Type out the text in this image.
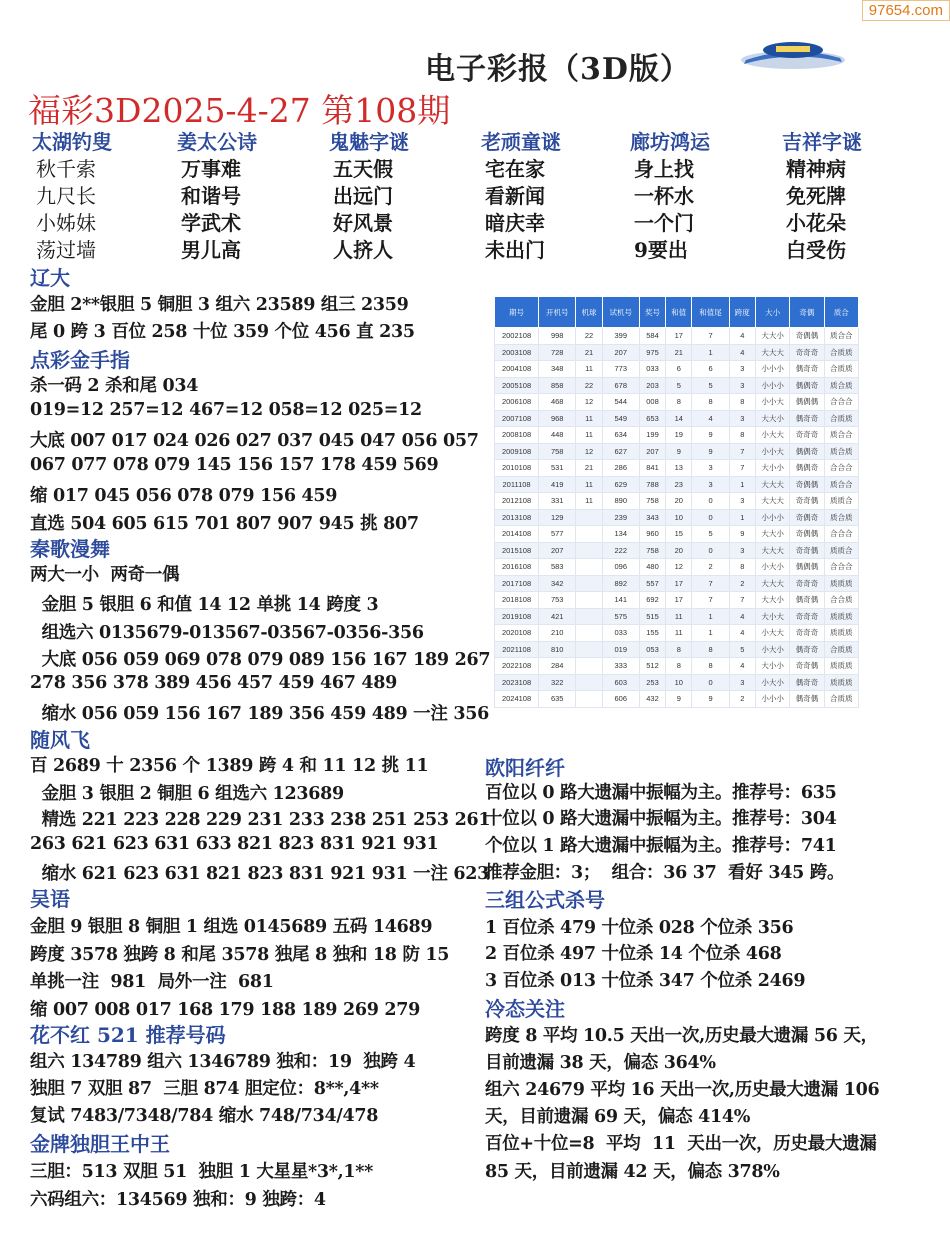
97654.com
电子彩报（3D版）
福彩3D2025-4-27 第108期
太湖钓叟	姜太公诗	鬼魅字谜	老顽童谜	廊坊鸿运	吉祥字谜
秋千索	万事难	五天假	宅在家	身上找	精神病
九尺长	和谐号	出远门	看新闻	一杯水	免死牌
小姊妹	学武术	好风景	暗庆幸	一个门	小花朵
荡过墙	男儿高	人挤人	未出门	9要出	白受伤
辽大
金胆 2**银胆 5 铜胆 3 组六 23589 组三 2359
尾 0 跨 3 百位 258 十位 359 个位 456 直 235
点彩金手指
杀一码 2 杀和尾 034
019=12 257=12 467=12 058=12 025=12
大底 007 017 024 026 027 037 045 047 056 057
067 077 078 079 145 156 157 178 459 569
缩 017 045 056 078 079 156 459
直选 504 605 615 701 807 907 945 挑 807
秦歌漫舞
两大一小  两奇一偶
金胆 5 银胆 6 和值 14 12 单挑 14 跨度 3
组选六 0135679-013567-03567-0356-356
大底 056 059 069 078 079 089 156 167 189 267
278 356 378 389 456 457 459 467 489
缩水 056 059 156 167 189 356 459 489 一注 356
随风飞
百 2689 十 2356 个 1389 跨 4 和 11 12 挑 11
金胆 3 银胆 2 铜胆 6 组选六 123689
精选 221 223 228 229 231 233 238 251 253 261
263 621 623 631 633 821 823 831 921 931
缩水 621 623 631 821 823 831 921 931 一注 623
吴语
金胆 9 银胆 8 铜胆 1 组选 0145689 五码 14689
跨度 3578 独跨 8 和尾 3578 独尾 8 独和 18 防 15
单挑一注  981  局外一注  681
缩 007 008 017 168 179 188 189 269 279
花不红 521 推荐号码
组六 134789 组六 1346789 独和：19  独跨 4
独胆 7 双胆 87  三胆 874 胆定位：8**,4**
复试 7483/7348/784 缩水 748/734/478
金牌独胆王中王
三胆：513 双胆 51  独胆 1 大星星*3*,1**
六码组六：134569 独和：9 独跨：4
期号	开机号	机球	试机号	奖号	和值	和值尾	跨度	大小	奇偶	质合
2002108	998	22	399	584	17	7	4	大大小	奇偶偶	质合合
2003108	728	21	207	975	21	1	4	大大大	奇奇奇	合质质
2004108	348	11	773	033	6	6	3	小小小	偶奇奇	合质质
2005108	858	22	678	203	5	5	3	小小小	偶偶奇	质合质
2006108	468	12	544	008	8	8	8	小小大	偶偶偶	合合合
2007108	968	11	549	653	14	4	3	大大小	偶奇奇	合质质
2008108	448	11	634	199	19	9	8	小大大	奇奇奇	质合合
2009108	758	12	627	207	9	9	7	小小大	偶偶奇	质合质
2010108	531	21	286	841	13	3	7	大小小	偶偶奇	合合合
2011108	419	11	629	788	23	3	1	大大大	奇偶偶	质合合
2012108	331	11	890	758	20	0	3	大大大	奇奇偶	质质合
2013108	129		239	343	10	0	1	小小小	奇偶奇	质合质
2014108	577		134	960	15	5	9	大大小	奇偶偶	合合合
2015108	207		222	758	20	0	3	大大大	奇奇偶	质质合
2016108	583		096	480	12	2	8	小大小	偶偶偶	合合合
2017108	342		892	557	17	7	2	大大大	奇奇奇	质质质
2018108	753		141	692	17	7	7	大大小	偶奇偶	合合质
2019108	421		575	515	11	1	4	大小大	奇奇奇	质质质
2020108	210		033	155	11	1	4	小大大	奇奇奇	质质质
2021108	810		019	053	8	8	5	小大小	偶奇奇	合质质
2022108	284		333	512	8	8	4	大小小	奇奇偶	质质质
2023108	322		603	253	10	0	3	小大小	偶奇奇	质质质
2024108	635		606	432	9	9	2	小小小	偶奇偶	合质质
欧阳纤纤
百位以 0 路大遗漏中振幅为主。推荐号：635
十位以 0 路大遗漏中振幅为主。推荐号：304
个位以 1 路大遗漏中振幅为主。推荐号：741
推荐金胆：3；  组合：36 37  看好 345 跨。
三组公式杀号
1 百位杀 479 十位杀 028 个位杀 356
2 百位杀 497 十位杀 14 个位杀 468
3 百位杀 013 十位杀 347 个位杀 2469
冷态关注
跨度 8 平均 10.5 天出一次,历史最大遗漏 56 天，
目前遗漏 38 天，偏态 364%
组六 24679 平均 16 天出一次,历史最大遗漏 106
天，目前遗漏 69 天，偏态 414%
百位+十位=8  平均  11  天出一次，历史最大遗漏
85 天，目前遗漏 42 天，偏态 378%
